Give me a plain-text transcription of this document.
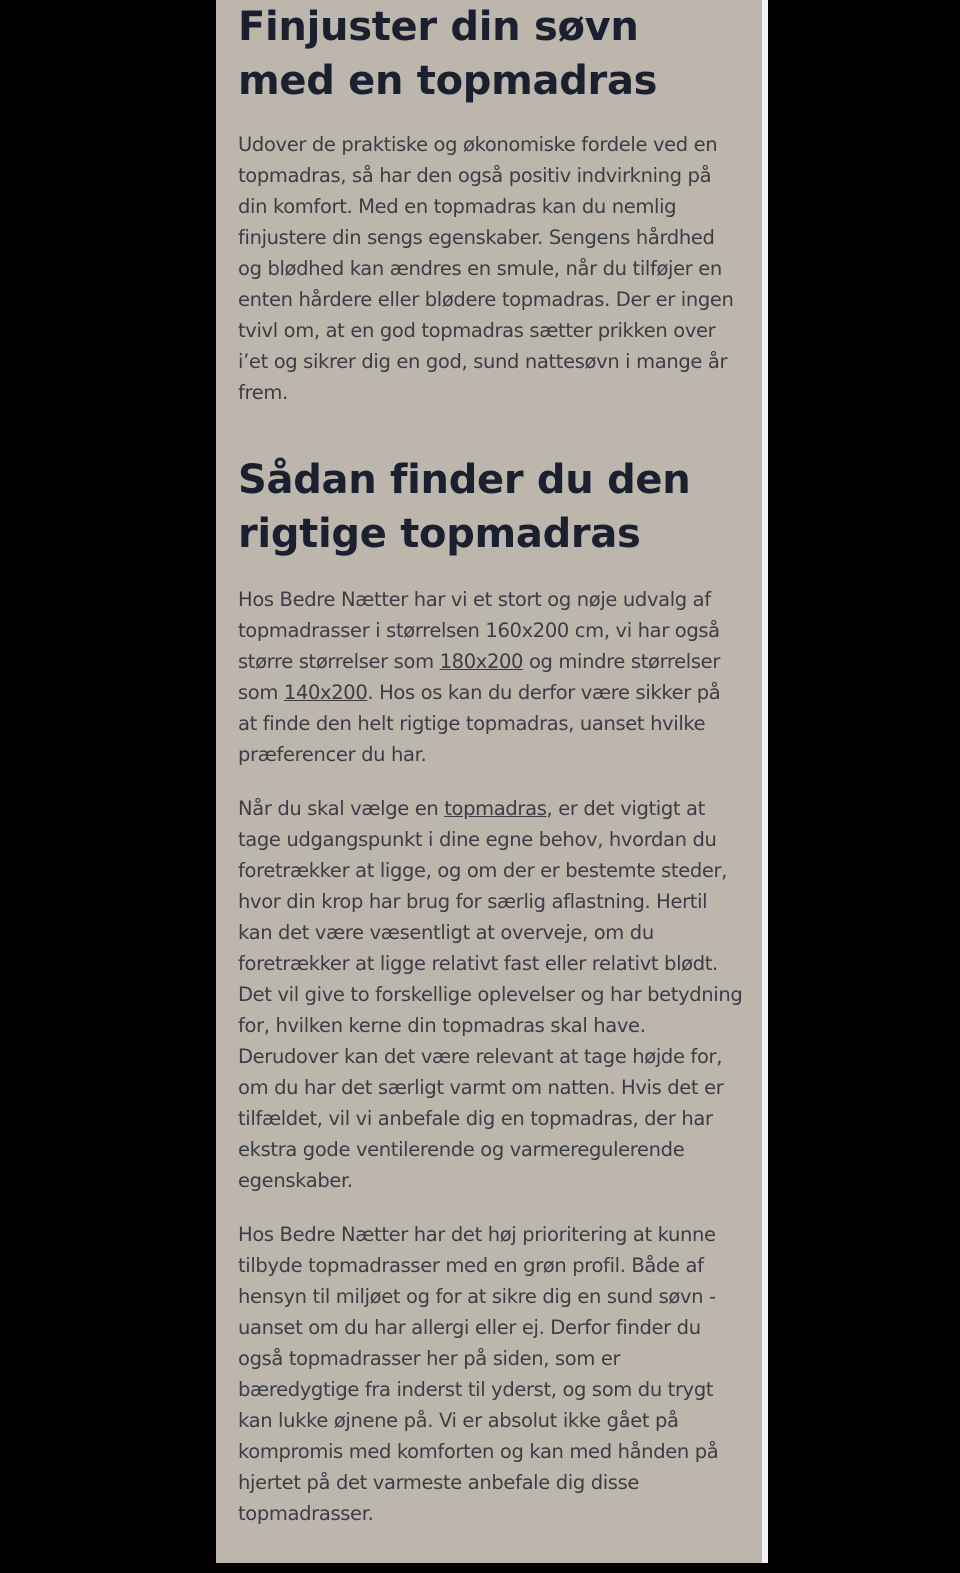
Finjuster din søvn med en topmadras

Udover de praktiske og økonomiske fordele ved en topmadras, så har den også positiv indvirkning på din komfort. Med en topmadras kan du nemlig finjustere din sengs egenskaber. Sengens hårdhed og blødhed kan ændres en smule, når du tilføjer en enten hårdere eller blødere topmadras. Der er ingen tvivl om, at en god topmadras sætter prikken over i’et og sikrer dig en god, sund nattesøvn i mange år frem.

Sådan finder du den rigtige topmadras

Hos Bedre Nætter har vi et stort og nøje udvalg af topmadrasser i størrelsen 160x200 cm, vi har også større størrelser som 180x200 og mindre størrelser som 140x200. Hos os kan du derfor være sikker på at finde den helt rigtige topmadras, uanset hvilke præferencer du har.

Når du skal vælge en topmadras, er det vigtigt at tage udgangspunkt i dine egne behov, hvordan du foretrækker at ligge, og om der er bestemte steder, hvor din krop har brug for særlig aflastning. Hertil kan det være væsentligt at overveje, om du foretrækker at ligge relativt fast eller relativt blødt. Det vil give to forskellige oplevelser og har betydning for, hvilken kerne din topmadras skal have. Derudover kan det være relevant at tage højde for, om du har det særligt varmt om natten. Hvis det er tilfældet, vil vi anbefale dig en topmadras, der har ekstra gode ventilerende og varmeregulerende egenskaber.

Hos Bedre Nætter har det høj prioritering at kunne tilbyde topmadrasser med en grøn profil. Både af hensyn til miljøet og for at sikre dig en sund søvn - uanset om du har allergi eller ej. Derfor finder du også topmadrasser her på siden, som er bæredygtige fra inderst til yderst, og som du trygt kan lukke øjnene på. Vi er absolut ikke gået på kompromis med komforten og kan med hånden på hjertet på det varmeste anbefale dig disse topmadrasser.
